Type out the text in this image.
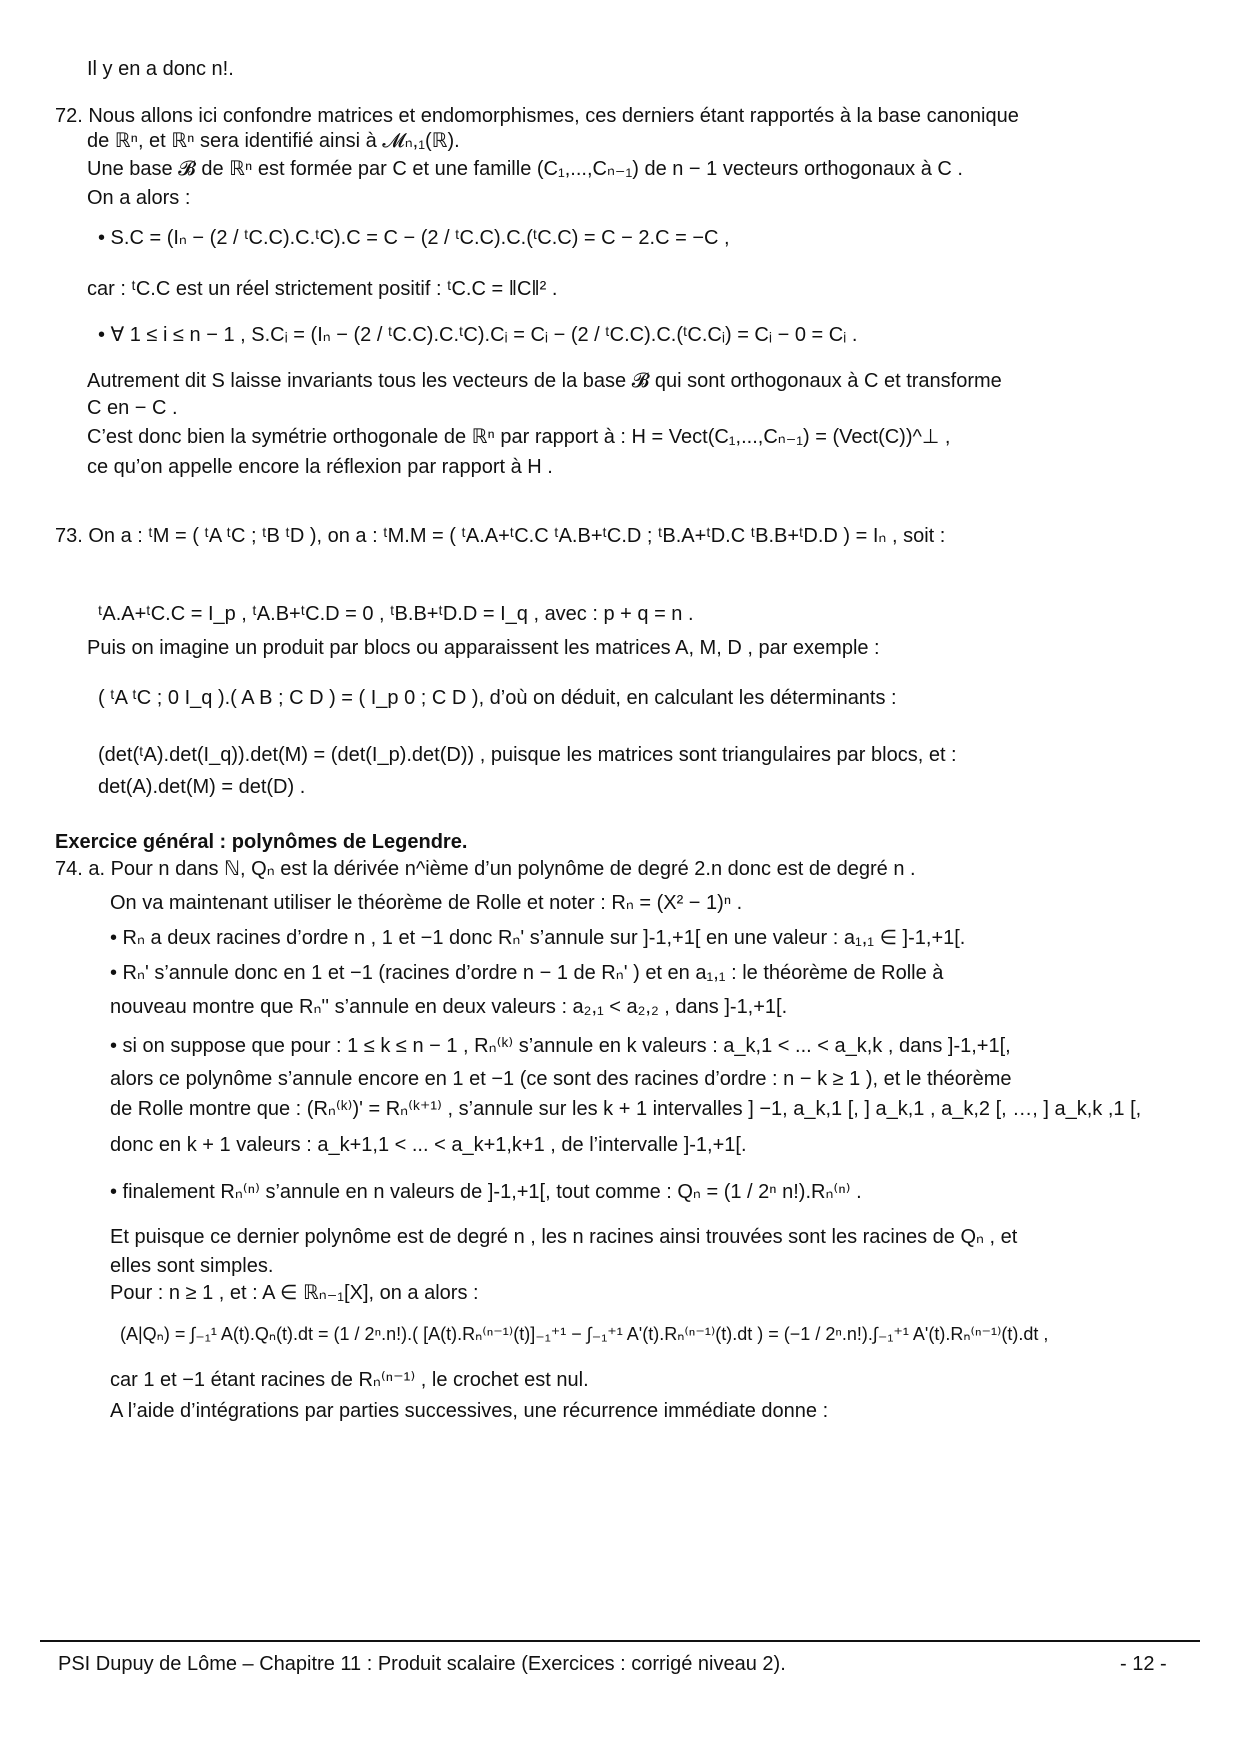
Il y en a donc n!.
72. Nous allons ici confondre matrices et endomorphismes, ces derniers étant rapportés à la base canonique
de ℝⁿ, et ℝⁿ sera identifié ainsi à 𝓜ₙ,₁(ℝ).
Une base 𝓑 de ℝⁿ est formée par C et une famille (C₁,...,Cₙ₋₁) de n − 1 vecteurs orthogonaux à C .
On a alors :
• S.C = (Iₙ − (2 / ᵗC.C).C.ᵗC).C = C − (2 / ᵗC.C).C.(ᵗC.C) = C − 2.C = −C ,
car : ᵗC.C est un réel strictement positif : ᵗC.C = ‖C‖² .
• ∀ 1 ≤ i ≤ n − 1 , S.Cᵢ = (Iₙ − (2 / ᵗC.C).C.ᵗC).Cᵢ = Cᵢ − (2 / ᵗC.C).C.(ᵗC.Cᵢ) = Cᵢ − 0 = Cᵢ .
Autrement dit S laisse invariants tous les vecteurs de la base 𝓑 qui sont orthogonaux à C et transforme
C en − C .
C’est donc bien la symétrie orthogonale de ℝⁿ par rapport à : H = Vect(C₁,...,Cₙ₋₁) = (Vect(C))^⊥ ,
ce qu’on appelle encore la réflexion par rapport à H .
73. On a : ᵗM = ( ᵗA ᵗC ; ᵗB ᵗD ), on a : ᵗM.M = ( ᵗA.A+ᵗC.C ᵗA.B+ᵗC.D ; ᵗB.A+ᵗD.C ᵗB.B+ᵗD.D ) = Iₙ , soit :
ᵗA.A+ᵗC.C = I_p , ᵗA.B+ᵗC.D = 0 , ᵗB.B+ᵗD.D = I_q , avec : p + q = n .
Puis on imagine un produit par blocs ou apparaissent les matrices A, M, D , par exemple :
( ᵗA ᵗC ; 0 I_q ).( A B ; C D ) = ( I_p 0 ; C D ), d’où on déduit, en calculant les déterminants :
(det(ᵗA).det(I_q)).det(M) = (det(I_p).det(D)) , puisque les matrices sont triangulaires par blocs, et :
det(A).det(M) = det(D) .
Exercice général : polynômes de Legendre.
74. a. Pour n dans ℕ, Qₙ est la dérivée n^ième d’un polynôme de degré 2.n donc est de degré n .
On va maintenant utiliser le théorème de Rolle et noter : Rₙ = (X² − 1)ⁿ .
• Rₙ a deux racines d’ordre n , 1 et −1 donc Rₙ' s’annule sur ]-1,+1[ en une valeur : a₁,₁ ∈ ]-1,+1[.
• Rₙ' s’annule donc en 1 et −1 (racines d’ordre n − 1 de Rₙ' ) et en a₁,₁ : le théorème de Rolle à
nouveau montre que Rₙ'' s’annule en deux valeurs : a₂,₁ < a₂,₂ , dans ]-1,+1[.
• si on suppose que pour : 1 ≤ k ≤ n − 1 , Rₙ⁽ᵏ⁾ s’annule en k valeurs : a_k,1 < ... < a_k,k , dans ]-1,+1[,
alors ce polynôme s’annule encore en 1 et −1 (ce sont des racines d’ordre : n − k ≥ 1 ), et le théorème
de Rolle montre que : (Rₙ⁽ᵏ⁾)' = Rₙ⁽ᵏ⁺¹⁾ , s’annule sur les k + 1 intervalles ] −1, a_k,1 [, ] a_k,1 , a_k,2 [, …, ] a_k,k ,1 [,
donc en k + 1 valeurs : a_k+1,1 < ... < a_k+1,k+1 , de l’intervalle ]-1,+1[.
• finalement Rₙ⁽ⁿ⁾ s’annule en n valeurs de ]-1,+1[, tout comme : Qₙ = (1 / 2ⁿ n!).Rₙ⁽ⁿ⁾ .
Et puisque ce dernier polynôme est de degré n , les n racines ainsi trouvées sont les racines de Qₙ , et
elles sont simples.
Pour : n ≥ 1 , et : A ∈ ℝₙ₋₁[X], on a alors :
(A|Qₙ) = ∫₋₁¹ A(t).Qₙ(t).dt = (1 / 2ⁿ.n!).( [A(t).Rₙ⁽ⁿ⁻¹⁾(t)]₋₁⁺¹ − ∫₋₁⁺¹ A'(t).Rₙ⁽ⁿ⁻¹⁾(t).dt ) = (−1 / 2ⁿ.n!).∫₋₁⁺¹ A'(t).Rₙ⁽ⁿ⁻¹⁾(t).dt ,
car 1 et −1 étant racines de Rₙ⁽ⁿ⁻¹⁾ , le crochet est nul.
A l’aide d’intégrations par parties successives, une récurrence immédiate donne :
PSI Dupuy de Lôme – Chapitre 11 : Produit scalaire (Exercices : corrigé niveau 2).	- 12 -
